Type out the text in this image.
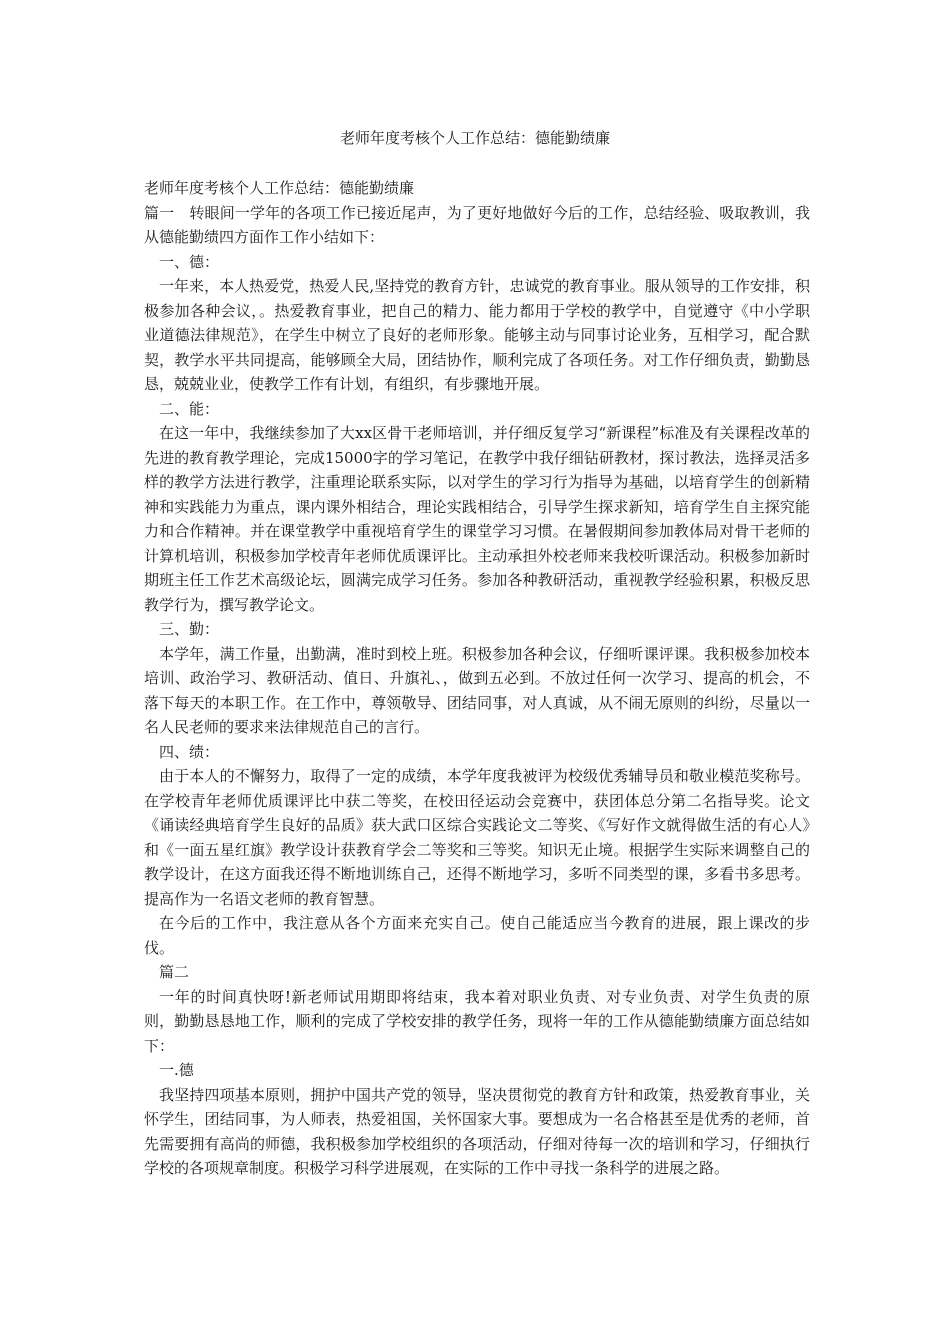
老师年度考核个人工作总结：德能勤绩廉

老师年度考核个人工作总结：德能勤绩廉

篇一　转眼间一学年的各项工作已接近尾声，为了更好地做好今后的工作，总结经验、吸取教训，我从德能勤绩四方面作工作小结如下：

一、德：

一年来，本人热爱党，热爱人民,坚持党的教育方针，忠诚党的教育事业。服从领导的工作安排，积极参加各种会议，。热爱教育事业，把自己的精力、能力都用于学校的教学中，自觉遵守《中小学职业道德法律规范》，在学生中树立了良好的老师形象。能够主动与同事讨论业务，互相学习，配合默契，教学水平共同提高，能够顾全大局，团结协作，顺利完成了各项任务。对工作仔细负责，勤勤恳恳，兢兢业业，使教学工作有计划，有组织，有步骤地开展。

二、能：

在这一年中，我继续参加了大xx区骨干老师培训，并仔细反复学习“新课程”标准及有关课程改革的先进的教育教学理论，完成15000字的学习笔记，在教学中我仔细钻研教材，探讨教法，选择灵活多样的教学方法进行教学，注重理论联系实际，以对学生的学习行为指导为基础，以培育学生的创新精神和实践能力为重点，课内课外相结合，理论实践相结合，引导学生探求新知，培育学生自主探究能力和合作精神。并在课堂教学中重视培育学生的课堂学习习惯。在暑假期间参加教体局对骨干老师的计算机培训，积极参加学校青年老师优质课评比。主动承担外校老师来我校听课活动。积极参加新时期班主任工作艺术高级论坛，圆满完成学习任务。参加各种教研活动，重视教学经验积累，积极反思教学行为，撰写教学论文。

三、勤：

本学年，满工作量，出勤满，准时到校上班。积极参加各种会议，仔细听课评课。我积极参加校本培训、政治学习、教研活动、值日、升旗礼、，做到五必到。不放过任何一次学习、提高的机会，不落下每天的本职工作。在工作中，尊领敬导、团结同事，对人真诚，从不闹无原则的纠纷，尽量以一名人民老师的要求来法律规范自己的言行。

四、绩：

由于本人的不懈努力，取得了一定的成绩，本学年度我被评为校级优秀辅导员和敬业模范奖称号。在学校青年老师优质课评比中获二等奖，在校田径运动会竞赛中，获团体总分第二名指导奖。论文《诵读经典培育学生良好的品质》获大武口区综合实践论文二等奖、《写好作文就得做生活的有心人》和《一面五星红旗》教学设计获教育学会二等奖和三等奖。知识无止境。根据学生实际来调整自己的教学设计，在这方面我还得不断地训练自己，还得不断地学习，多听不同类型的课，多看书多思考。提高作为一名语文老师的教育智慧。

在今后的工作中，我注意从各个方面来充实自己。使自己能适应当今教育的进展，跟上课改的步伐。

篇二

一年的时间真快呀!新老师试用期即将结束，我本着对职业负责、对专业负责、对学生负责的原则，勤勤恳恳地工作，顺利的完成了学校安排的教学任务，现将一年的工作从德能勤绩廉方面总结如下：

一.德

我坚持四项基本原则，拥护中国共产党的领导，坚决贯彻党的教育方针和政策，热爱教育事业，关怀学生，团结同事，为人师表，热爱祖国，关怀国家大事。要想成为一名合格甚至是优秀的老师，首先需要拥有高尚的师德，我积极参加学校组织的各项活动，仔细对待每一次的培训和学习，仔细执行学校的各项规章制度。积极学习科学进展观，在实际的工作中寻找一条科学的进展之路。
